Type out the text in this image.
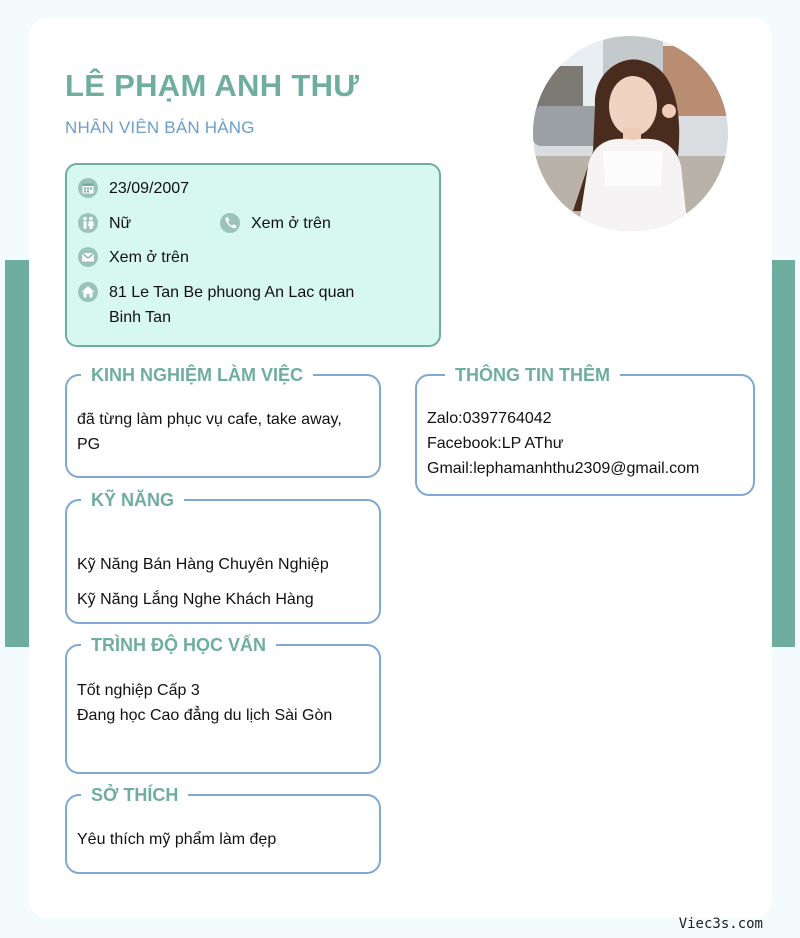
LÊ PHẠM ANH THƯ
NHÂN VIÊN BÁN HÀNG
23/09/2007
Nữ	Xem ở trên
Xem ở trên
81 Le Tan Be phuong An Lac quan
Binh Tan
KINH NGHIỆM LÀM VIỆC
đã từng làm phục vụ cafe, take away,
PG
KỸ NĂNG
Kỹ Năng Bán Hàng Chuyên Nghiệp
Kỹ Năng Lắng Nghe Khách Hàng
TRÌNH ĐỘ HỌC VẤN
Tốt nghiệp Cấp 3
Đang học Cao đẳng du lịch Sài Gòn
SỞ THÍCH
Yêu thích mỹ phẩm làm đẹp
THÔNG TIN THÊM
Zalo:0397764042
Facebook:LP AThư
Gmail:lephamanhthu2309@gmail.com
Viec3s.com
